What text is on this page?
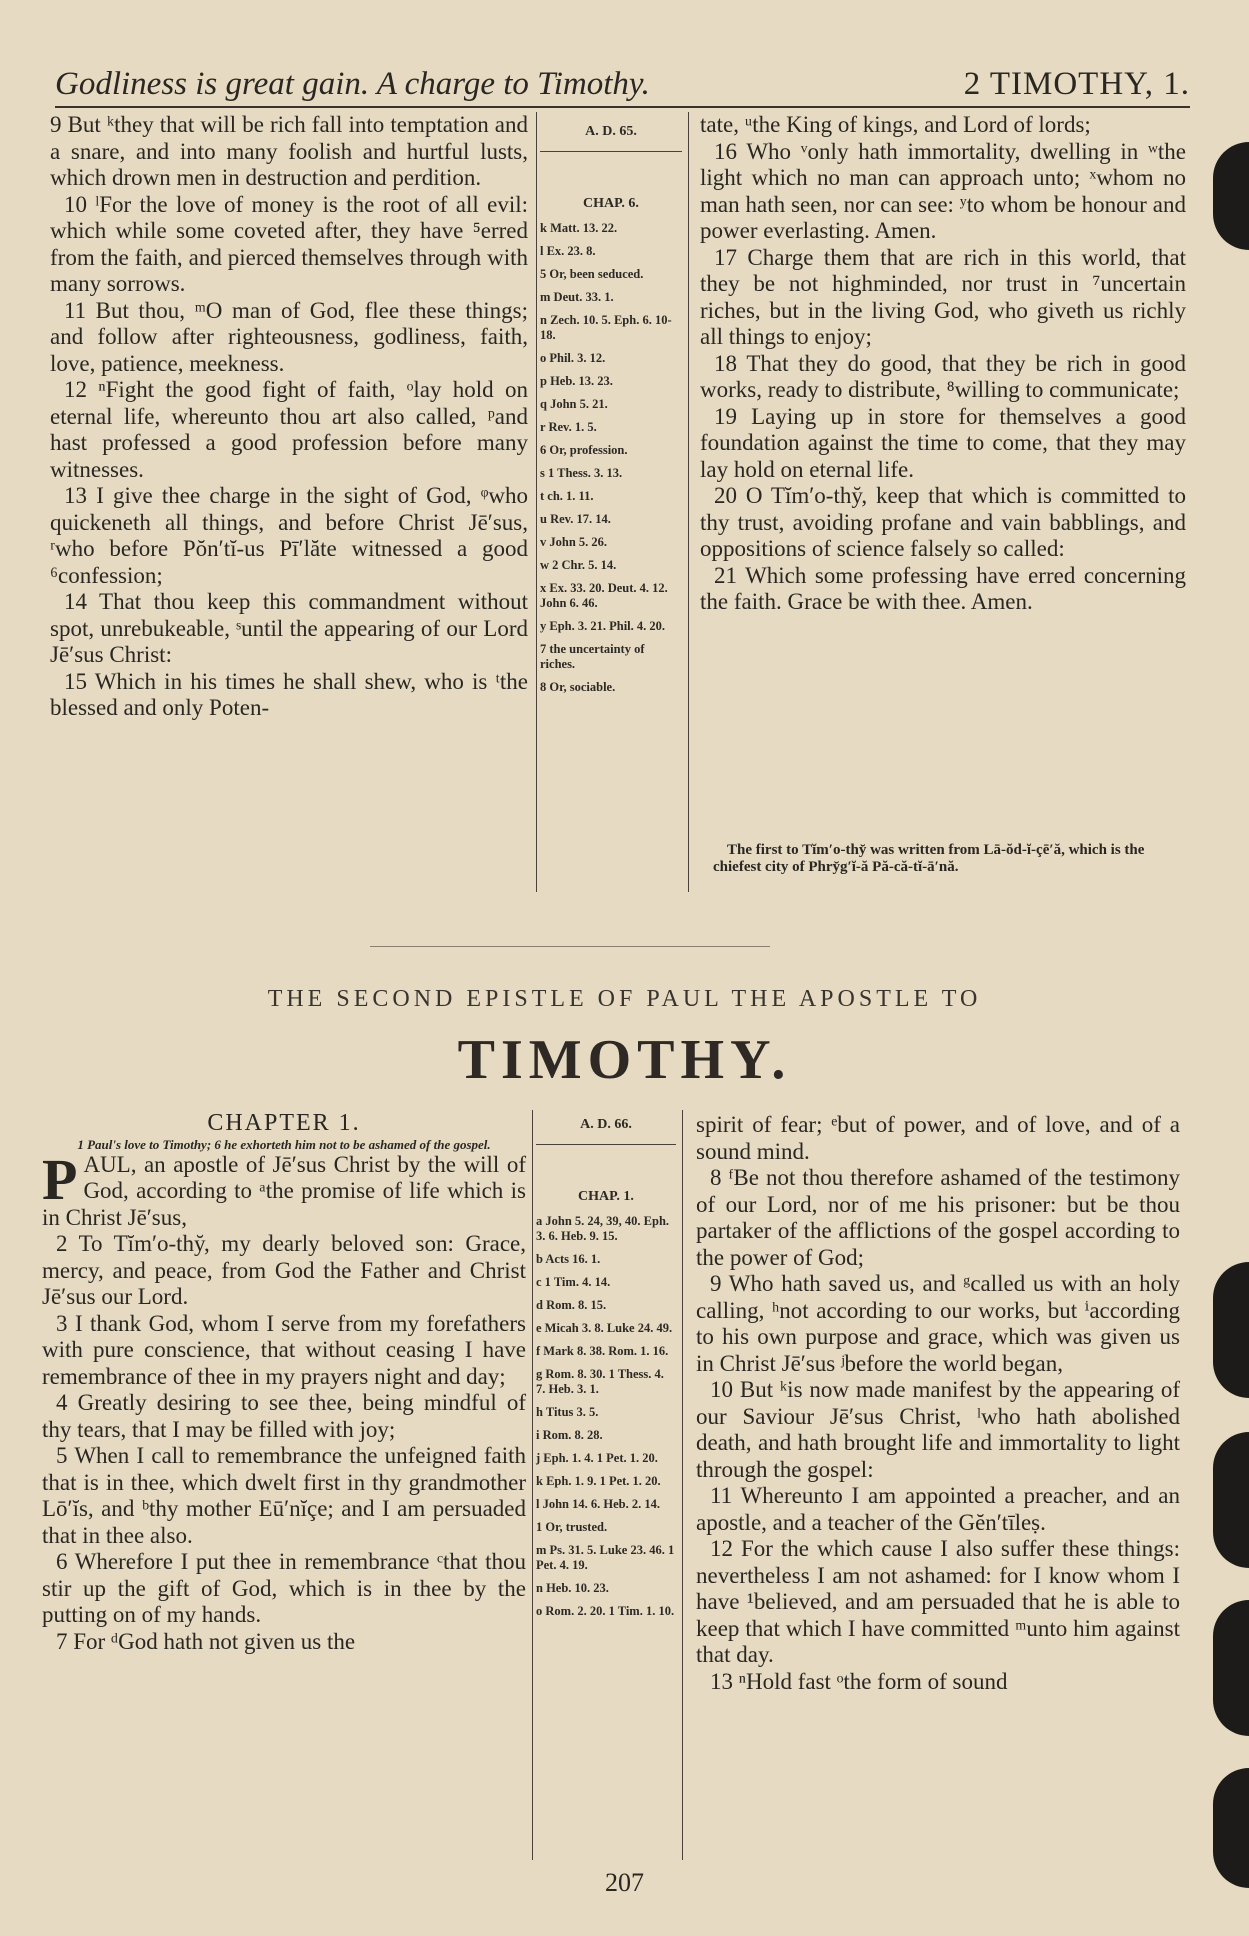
Godliness is great gain. A charge to Timothy.	2 TIMOTHY, 1.

9 But ᵏthey that will be rich fall into temptation and a snare, and into many foolish and hurtful lusts, which drown men in destruction and perdition.

10 ˡFor the love of money is the root of all evil: which while some coveted after, they have ⁵erred from the faith, and pierced themselves through with many sorrows.

11 But thou, ᵐO man of God, flee these things; and follow after righteousness, godliness, faith, love, patience, meekness.

12 ⁿFight the good fight of faith, ᵒlay hold on eternal life, whereunto thou art also called, ᵖand hast professed a good profession before many witnesses.

13 I give thee charge in the sight of God, ᵠwho quickeneth all things, and before Christ Jē′sus, ʳwho before Pŏn′tĭ-us Pī′lăte witnessed a good ⁶confession;

14 That thou keep this commandment without spot, unrebukeable, ˢuntil the appearing of our Lord Jē′sus Christ:

15 Which in his times he shall shew, who is ᵗthe blessed and only Poten-

A. D. 65.
CHAP. 6.
k Matt. 13. 22.
l Ex. 23. 8.
5 Or, been seduced.
m Deut. 33. 1.
n Zech. 10. 5. Eph. 6. 10-18.
o Phil. 3. 12.
p Heb. 13. 23.
q John 5. 21.
r Rev. 1. 5.
6 Or, profession.
s 1 Thess. 3. 13.
t ch. 1. 11.
u Rev. 17. 14.
v John 5. 26.
w 2 Chr. 5. 14.
x Ex. 33. 20. Deut. 4. 12. John 6. 46.
y Eph. 3. 21. Phil. 4. 20.
7 the uncertainty of riches.
8 Or, sociable.

tate, ᵘthe King of kings, and Lord of lords;

16 Who ᵛonly hath immortality, dwelling in ʷthe light which no man can approach unto; ˣwhom no man hath seen, nor can see: ʸto whom be honour and power everlasting. Amen.

17 Charge them that are rich in this world, that they be not highminded, nor trust in ⁷uncertain riches, but in the living God, who giveth us richly all things to enjoy;

18 That they do good, that they be rich in good works, ready to distribute, ⁸willing to communicate;

19 Laying up in store for themselves a good foundation against the time to come, that they may lay hold on eternal life.

20 O Tĭm′o-thy̆, keep that which is committed to thy trust, avoiding profane and vain babblings, and oppositions of science falsely so called:

21 Which some professing have erred concerning the faith. Grace be with thee. Amen.

The first to Tĭm′o-thy̆ was written from Lā-ŏd-ĭ-çē′ă, which is the chiefest city of Phry̆g′ĭ-ă Pă-că-tĭ-ā′nă.
THE SECOND EPISTLE OF PAUL THE APOSTLE TO
TIMOTHY.

CHAPTER 1.

1 Paul's love to Timothy; 6 he exhorteth him not to be ashamed of the gospel.

PAUL, an apostle of Jē′sus Christ by the will of God, according to ᵃthe promise of life which is in Christ Jē′sus,

2 To Tĭm′o-thy̆, my dearly beloved son: Grace, mercy, and peace, from God the Father and Christ Jē′sus our Lord.

3 I thank God, whom I serve from my forefathers with pure conscience, that without ceasing I have remembrance of thee in my prayers night and day;

4 Greatly desiring to see thee, being mindful of thy tears, that I may be filled with joy;

5 When I call to remembrance the unfeigned faith that is in thee, which dwelt first in thy grandmother Lō′ĭs, and ᵇthy mother Eū′nĭçe; and I am persuaded that in thee also.

6 Wherefore I put thee in remembrance ᶜthat thou stir up the gift of God, which is in thee by the putting on of my hands.

7 For ᵈGod hath not given us the

A. D. 66.
CHAP. 1.
a John 5. 24, 39, 40. Eph. 3. 6. Heb. 9. 15.
b Acts 16. 1.
c 1 Tim. 4. 14.
d Rom. 8. 15.
e Micah 3. 8. Luke 24. 49.
f Mark 8. 38. Rom. 1. 16.
g Rom. 8. 30. 1 Thess. 4. 7. Heb. 3. 1.
h Titus 3. 5.
i Rom. 8. 28.
j Eph. 1. 4. 1 Pet. 1. 20.
k Eph. 1. 9. 1 Pet. 1. 20.
l John 14. 6. Heb. 2. 14.
1 Or, trusted.
m Ps. 31. 5. Luke 23. 46. 1 Pet. 4. 19.
n Heb. 10. 23.
o Rom. 2. 20. 1 Tim. 1. 10.

spirit of fear; ᵉbut of power, and of love, and of a sound mind.

8 ᶠBe not thou therefore ashamed of the testimony of our Lord, nor of me his prisoner: but be thou partaker of the afflictions of the gospel according to the power of God;

9 Who hath saved us, and ᵍcalled us with an holy calling, ʰnot according to our works, but ⁱaccording to his own purpose and grace, which was given us in Christ Jē′sus ʲbefore the world began,

10 But ᵏis now made manifest by the appearing of our Saviour Jē′sus Christ, ˡwho hath abolished death, and hath brought life and immortality to light through the gospel:

11 Whereunto I am appointed a preacher, and an apostle, and a teacher of the Gĕn′tīleṣ.

12 For the which cause I also suffer these things: nevertheless I am not ashamed: for I know whom I have ¹believed, and am persuaded that he is able to keep that which I have committed ᵐunto him against that day.

13 ⁿHold fast ᵒthe form of sound

207
